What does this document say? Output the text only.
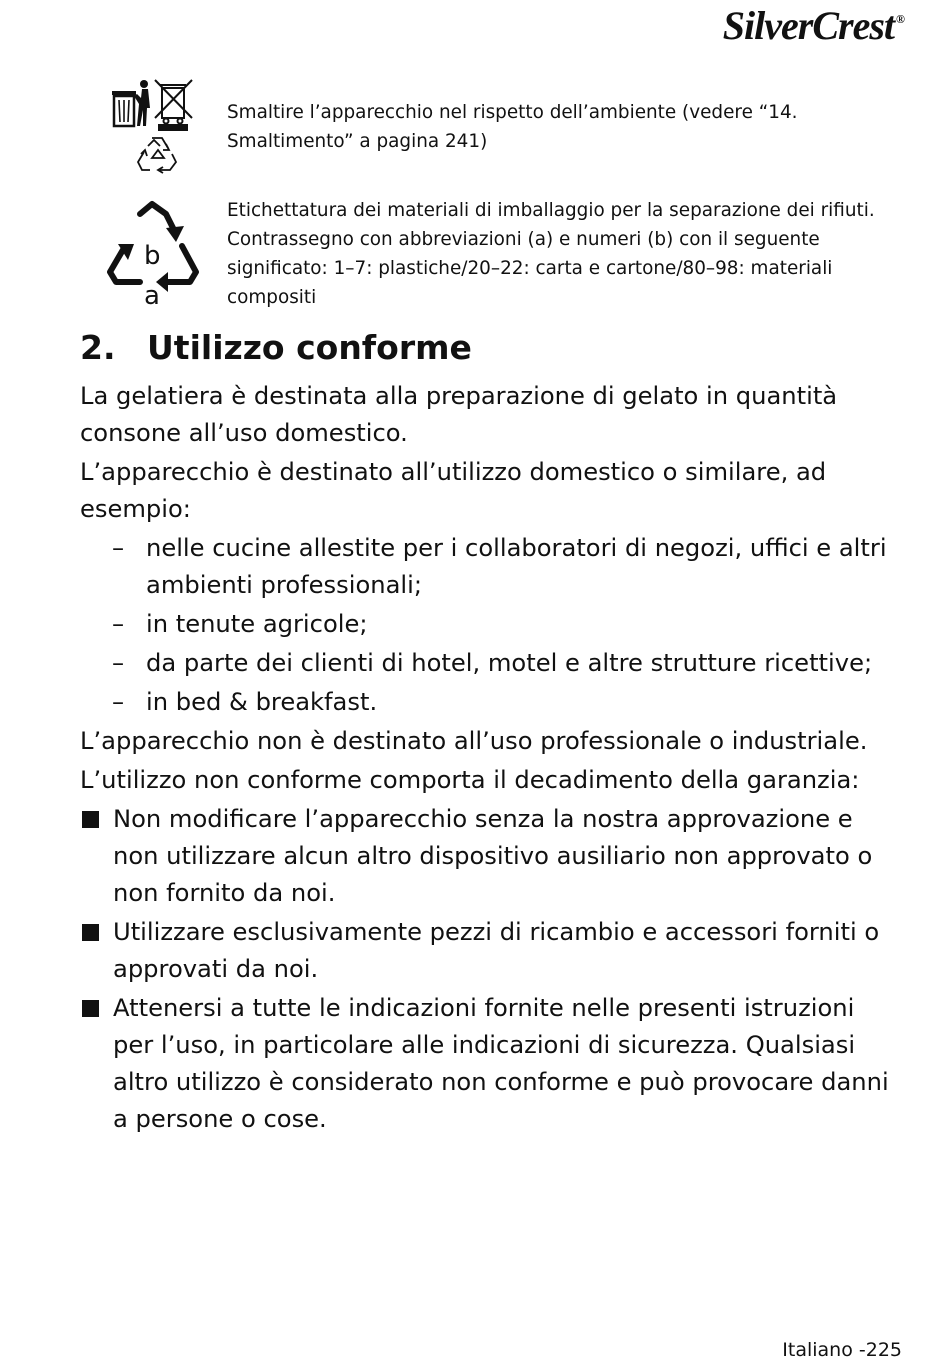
SilverCrest ®
Smaltire l’apparecchio nel rispetto dell’ambiente (vedere “14. Smaltimento” a pagina 241)
b
a
Etichettatura dei materiali di imballaggio per la separazione dei rifiuti. Contrassegno con abbreviazioni (a) e numeri (b) con il seguente significato: 1–7: plastiche/20–22: carta e cartone/80–98: materiali compositi
2. Utilizzo conforme

La gelatiera è destinata alla preparazione di gelato in quantità consone all’uso domestico.

L’apparecchio è destinato all’utilizzo domestico o similare, ad esempio:

– nelle cucine allestite per i collaboratori di negozi, uffici e altri ambienti professionali;
– in tenute agricole;
– da parte dei clienti di hotel, motel e altre strutture ricettive;
– in bed & breakfast.

L’apparecchio non è destinato all’uso professionale o industriale.

L’utilizzo non conforme comporta il decadimento della garanzia:

Non modificare l’apparecchio senza la nostra approvazione e non utilizzare alcun altro dispositivo ausiliario non approvato o non fornito da noi.
Utilizzare esclusivamente pezzi di ricambio e accessori forniti o approvati da noi.
Attenersi a tutte le indicazioni fornite nelle presenti istruzioni per l’uso, in particolare alle indicazioni di sicurezza. Qualsiasi altro utilizzo è considerato non conforme e può provocare danni a persone o cose.
Italiano -225
